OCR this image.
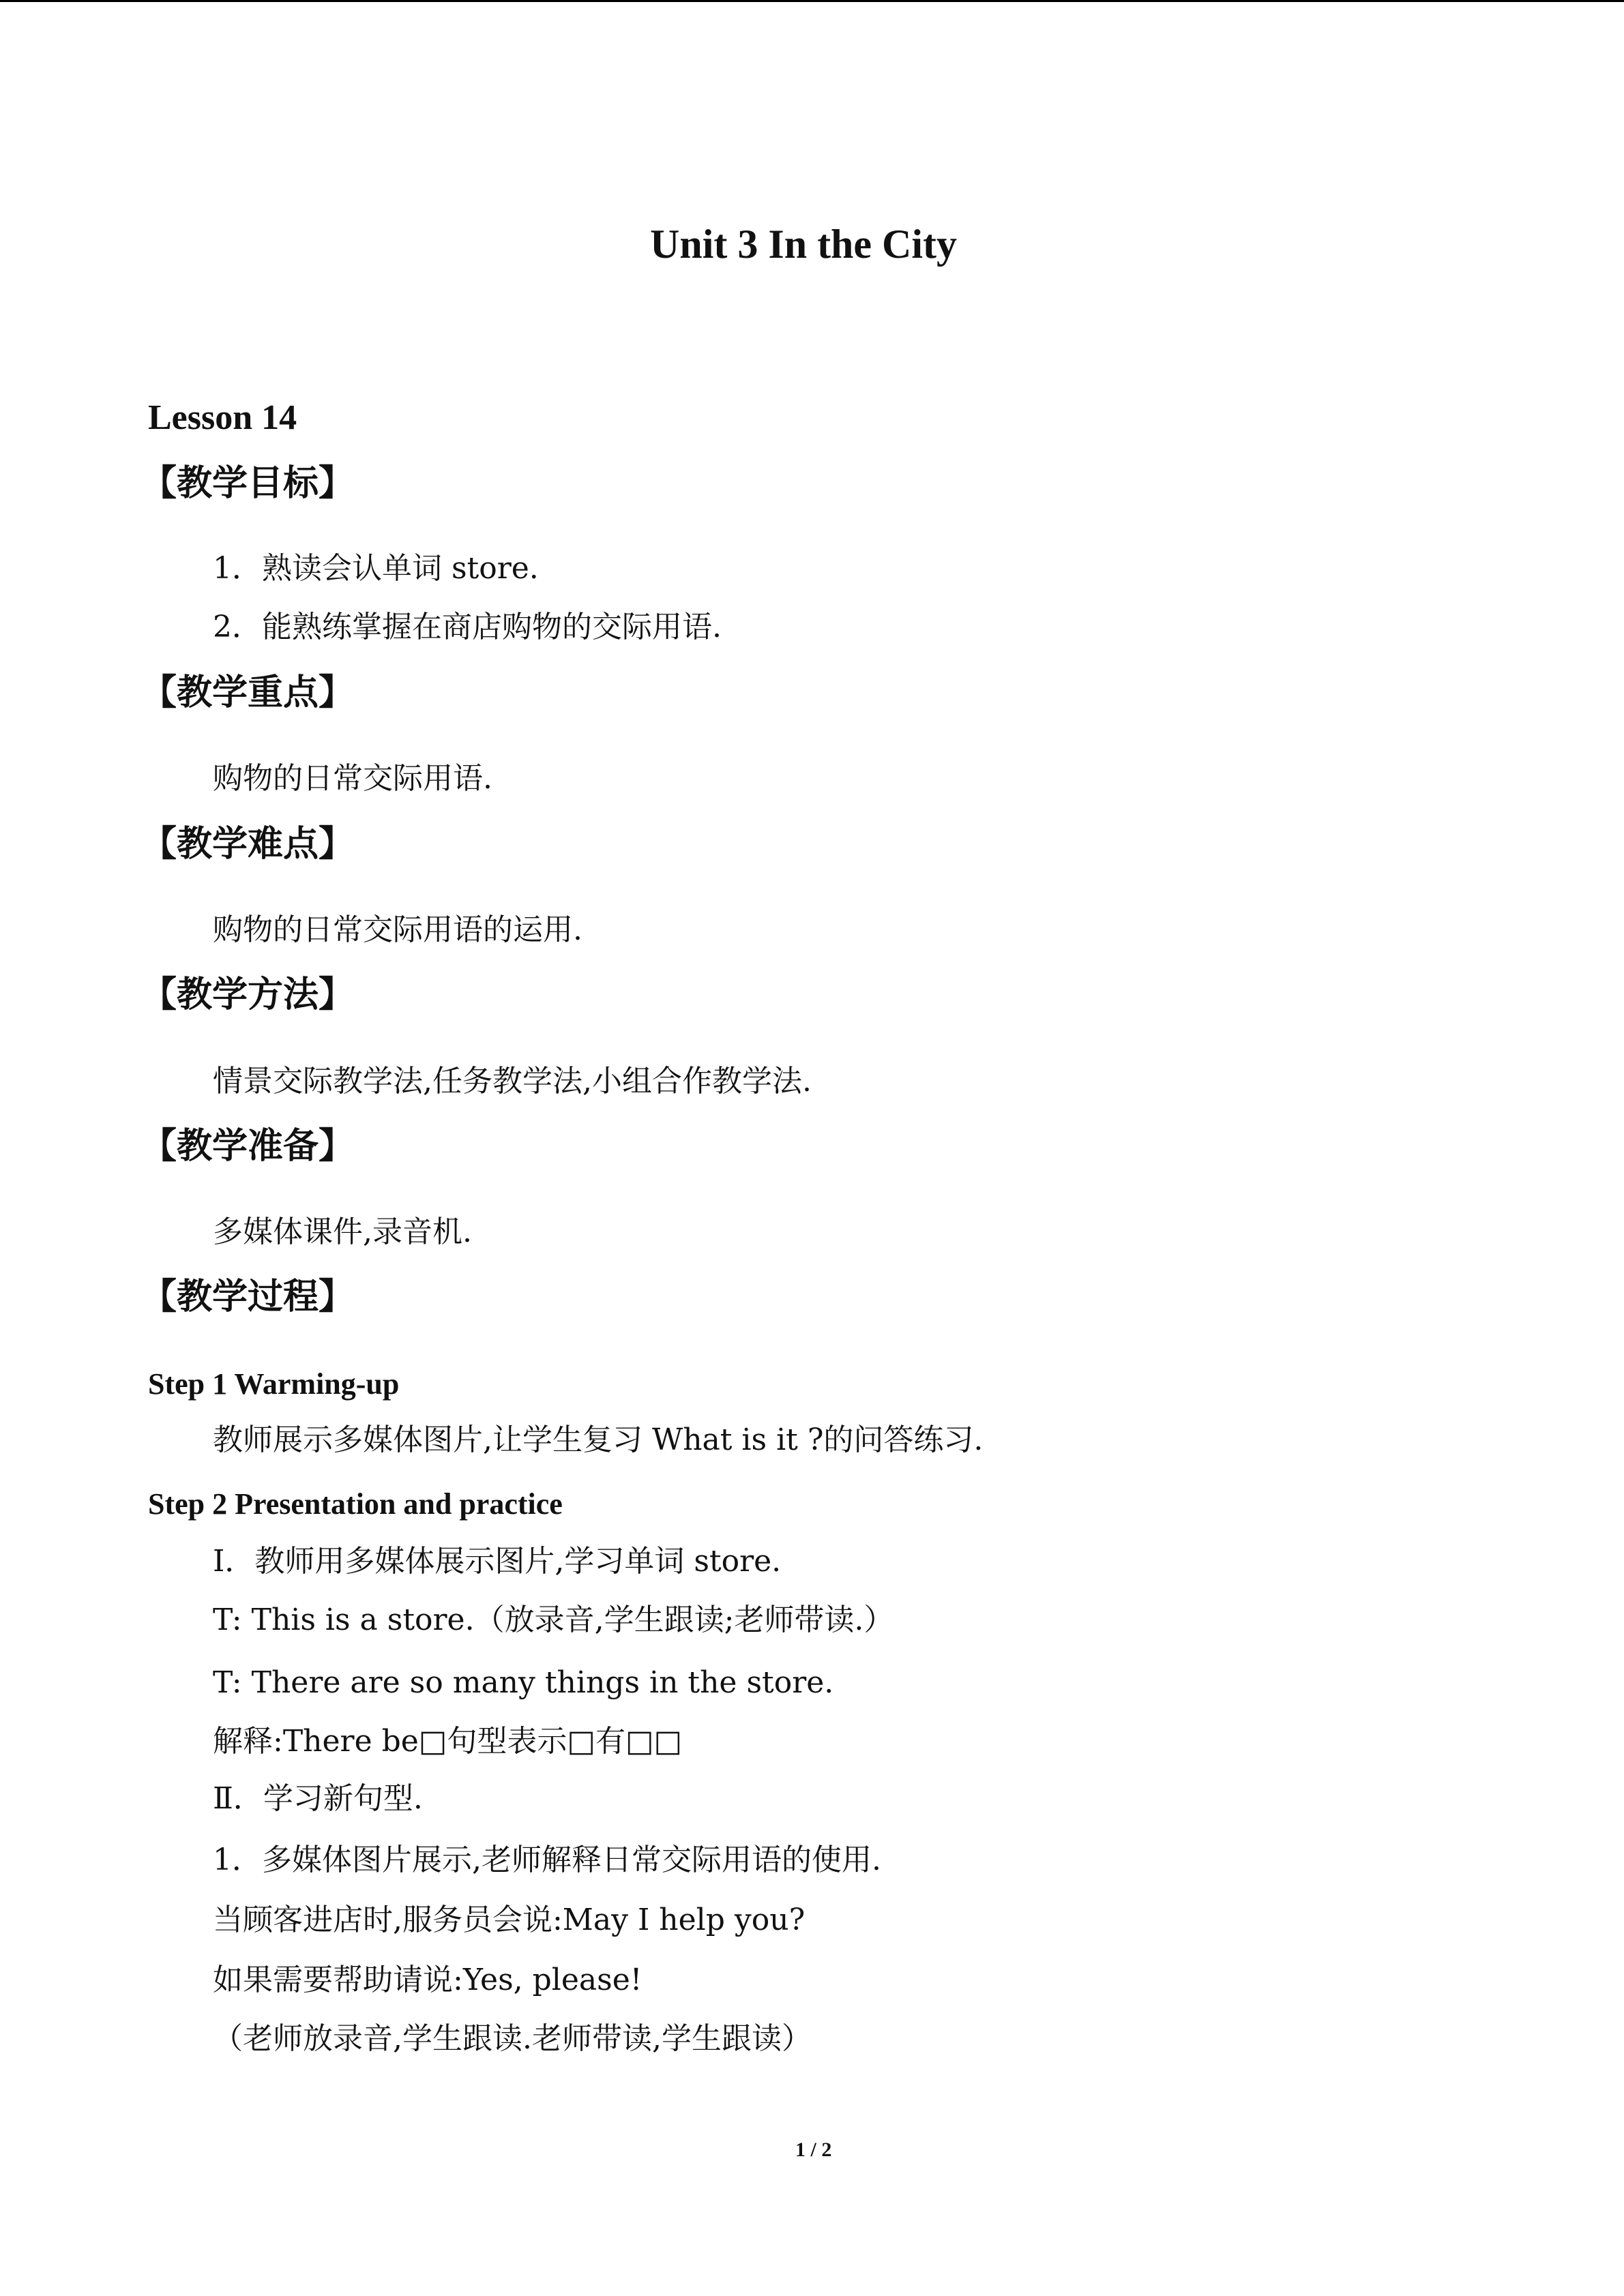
Unit 3 In the City
Lesson 14
【教学目标】
1．熟读会认单词 store.
2．能熟练掌握在商店购物的交际用语.
【教学重点】
购物的日常交际用语.
【教学难点】
购物的日常交际用语的运用.
【教学方法】
情景交际教学法,任务教学法,小组合作教学法.
【教学准备】
多媒体课件,录音机.
【教学过程】
Step 1 Warming-up
教师展示多媒体图片,让学生复习 What is it ?的问答练习.
Step 2 Presentation and practice
Ⅰ．教师用多媒体展示图片,学习单词 store.
T: This is a store.（放录音,学生跟读;老师带读.）
T: There are so many things in the store.
解释:There be□句型表示□有□□
Ⅱ．学习新句型.
1．多媒体图片展示,老师解释日常交际用语的使用.
当顾客进店时,服务员会说:May I help you?
如果需要帮助请说:Yes, please!
（老师放录音,学生跟读.老师带读,学生跟读）
1 / 2
